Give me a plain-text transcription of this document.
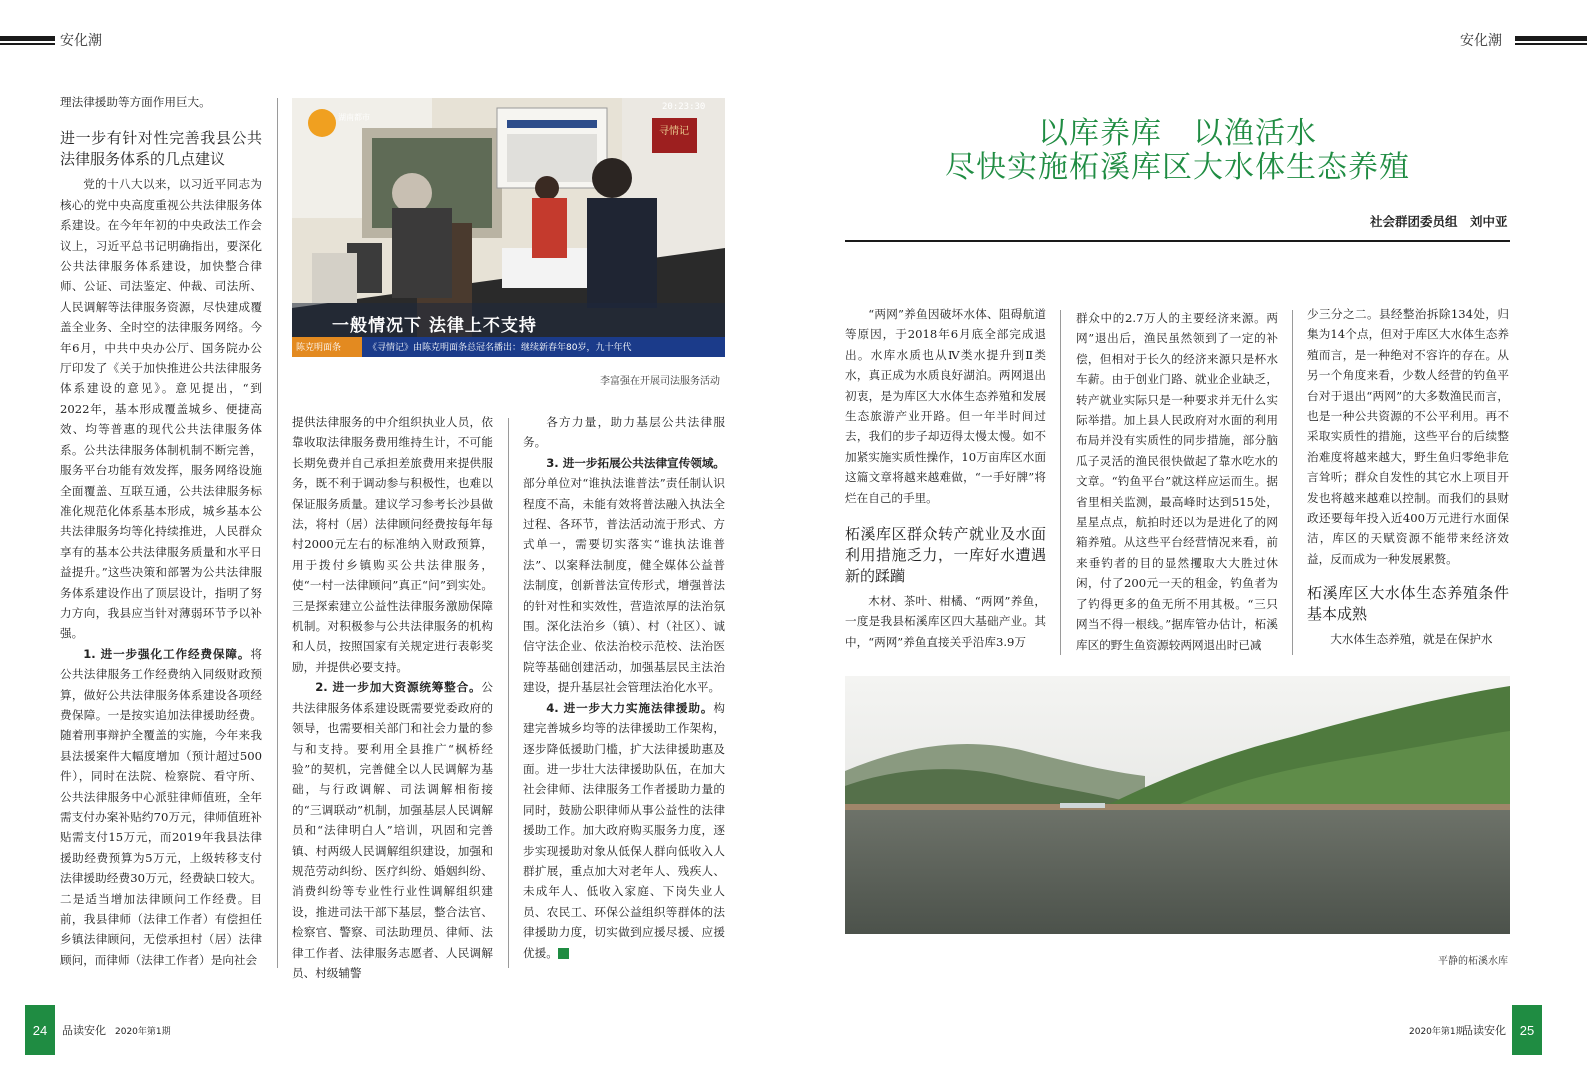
安化潮	安化潮

理法律援助等方面作用巨大。

进一步有针对性完善我县公共法律服务体系的几点建议

党的十八大以来，以习近平同志为核心的党中央高度重视公共法律服务体系建设。在今年年初的中央政法工作会议上，习近平总书记明确指出，要深化公共法律服务体系建设，加快整合律师、公证、司法鉴定、仲裁、司法所、人民调解等法律服务资源，尽快建成覆盖全业务、全时空的法律服务网络。今年6月，中共中央办公厅、国务院办公厅印发了《关于加快推进公共法律服务体系建设的意见》。意见提出，“到2022年，基本形成覆盖城乡、便捷高效、均等普惠的现代公共法律服务体系。公共法律服务体制机制不断完善，服务平台功能有效发挥，服务网络设施全面覆盖、互联互通，公共法律服务标准化规范化体系基本形成，城乡基本公共法律服务均等化持续推进，人民群众享有的基本公共法律服务质量和水平日益提升。”这些决策和部署为公共法律服务体系建设作出了顶层设计，指明了努力方向，我县应当针对薄弱环节予以补强。

1. 进一步强化工作经费保障。将公共法律服务工作经费纳入同级财政预算，做好公共法律服务体系建设各项经费保障。一是按实追加法律援助经费。随着刑事辩护全覆盖的实施，今年来我县法援案件大幅度增加（预计超过500件），同时在法院、检察院、看守所、公共法律服务中心派驻律师值班，全年需支付办案补贴约70万元，律师值班补贴需支付15万元，而2019年我县法律援助经费预算为5万元，上级转移支付法律援助经费30万元，经费缺口较大。二是适当增加法律顾问工作经费。目前，我县律师（法律工作者）有偿担任乡镇法律顾问，无偿承担村（居）法律顾问，而律师（法律工作者）是向社会

湖南都市
20:23:30
寻情记
一般情况下 法律上不支持
陈克明面条	《寻情记》由陈克明面条总冠名播出：继续新春年80岁，九十年代
李富强在开展司法服务活动

提供法律服务的中介组织执业人员，依靠收取法律服务费用维持生计，不可能长期免费并自己承担差旅费用来提供服务，既不利于调动参与积极性，也难以保证服务质量。建议学习参考长沙县做法，将村（居）法律顾问经费按每年每村2000元左右的标准纳入财政预算，用于拨付乡镇购买公共法律服务，使“一村一法律顾问”真正“问”到实处。三是探索建立公益性法律服务激励保障机制。对积极参与公共法律服务的机构和人员，按照国家有关规定进行表彰奖励，并提供必要支持。

2. 进一步加大资源统筹整合。公共法律服务体系建设既需要党委政府的领导，也需要相关部门和社会力量的参与和支持。要利用全县推广“枫桥经验”的契机，完善健全以人民调解为基础，与行政调解、司法调解相衔接的“三调联动”机制，加强基层人民调解员和“法律明白人”培训，巩固和完善镇、村两级人民调解组织建设，加强和规范劳动纠纷、医疗纠纷、婚姻纠纷、消费纠纷等专业性行业性调解组织建设，推进司法干部下基层，整合法官、检察官、警察、司法助理员、律师、法律工作者、法律服务志愿者、人民调解员、村级辅警

各方力量，助力基层公共法律服务。

3. 进一步拓展公共法律宣传领域。部分单位对“谁执法谁普法”责任制认识程度不高，未能有效将普法融入执法全过程、各环节，普法活动流于形式、方式单一，需要切实落实“谁执法谁普法”、以案释法制度，健全媒体公益普法制度，创新普法宣传形式，增强普法的针对性和实效性，营造浓厚的法治氛围。深化法治乡（镇）、村（社区）、诚信守法企业、依法治校示范校、法治医院等基础创建活动，加强基层民主法治建设，提升基层社会管理法治化水平。

4. 进一步大力实施法律援助。构建完善城乡均等的法律援助工作架构，逐步降低援助门槛，扩大法律援助惠及面。进一步壮大法律援助队伍，在加大社会律师、法律服务工作者援助力量的同时，鼓励公职律师从事公益性的法律援助工作。加大政府购买服务力度，逐步实现援助对象从低保人群向低收入人群扩展，重点加大对老年人、残疾人、未成年人、低收入家庭、下岗失业人员、农民工、环保公益组织等群体的法律援助力度，切实做到应援尽援、应援优援。	A

24	品读安化 2020年第1期
以库养库　以渔活水
尽快实施柘溪库区大水体生态养殖
社会群团委员组　刘中亚

“两网”养鱼因破坏水体、阻碍航道等原因，于2018年6月底全部完成退出。水库水质也从Ⅳ类水提升到Ⅱ类水，真正成为水质良好湖泊。两网退出初衷，是为库区大水体生态养殖和发展生态旅游产业开路。但一年半时间过去，我们的步子却迈得太慢太慢。如不加紧实施实质性操作，10万亩库区水面这篇文章将越来越难做，“一手好牌”将烂在自己的手里。

柘溪库区群众转产就业及水面利用措施乏力，一库好水遭遇新的蹂躏

木材、茶叶、柑橘、“两网”养鱼，一度是我县柘溪库区四大基础产业。其中，“两网”养鱼直接关乎沿库3.9万

群众中的2.7万人的主要经济来源。两网”退出后，渔民虽然领到了一定的补偿，但相对于长久的经济来源只是杯水车薪。由于创业门路、就业企业缺乏，转产就业实际只是一种要求并无什么实际举措。加上县人民政府对水面的利用布局并没有实质性的同步措施，部分脑瓜子灵活的渔民很快做起了靠水吃水的文章。“钓鱼平台”就这样应运而生。据省里相关监测，最高峰时达到515处，星星点点，航拍时还以为是进化了的网箱养殖。从这些平台经营情况来看，前来垂钓者的目的显然攫取大大胜过休闲，付了200元一天的租金，钓鱼者为了钓得更多的鱼无所不用其极。“三只网当不得一根线。”据库管办估计，柘溪库区的野生鱼资源较两网退出时已减

少三分之二。县经整治拆除134处，归集为14个点，但对于库区大水体生态养殖而言，是一种绝对不容许的存在。从另一个角度来看，少数人经营的钓鱼平台对于退出“两网”的大多数渔民而言，也是一种公共资源的不公平利用。再不采取实质性的措施，这些平台的后续整治难度将越来越大，野生鱼归零绝非危言耸听；群众自发性的其它水上项目开发也将越来越难以控制。而我们的县财政还要每年投入近400万元进行水面保洁，库区的天赋资源不能带来经济效益，反而成为一种发展累赘。

柘溪库区大水体生态养殖条件基本成熟

大水体生态养殖，就是在保护水

平静的柘溪水库
2020年第1期
品读安化	25
